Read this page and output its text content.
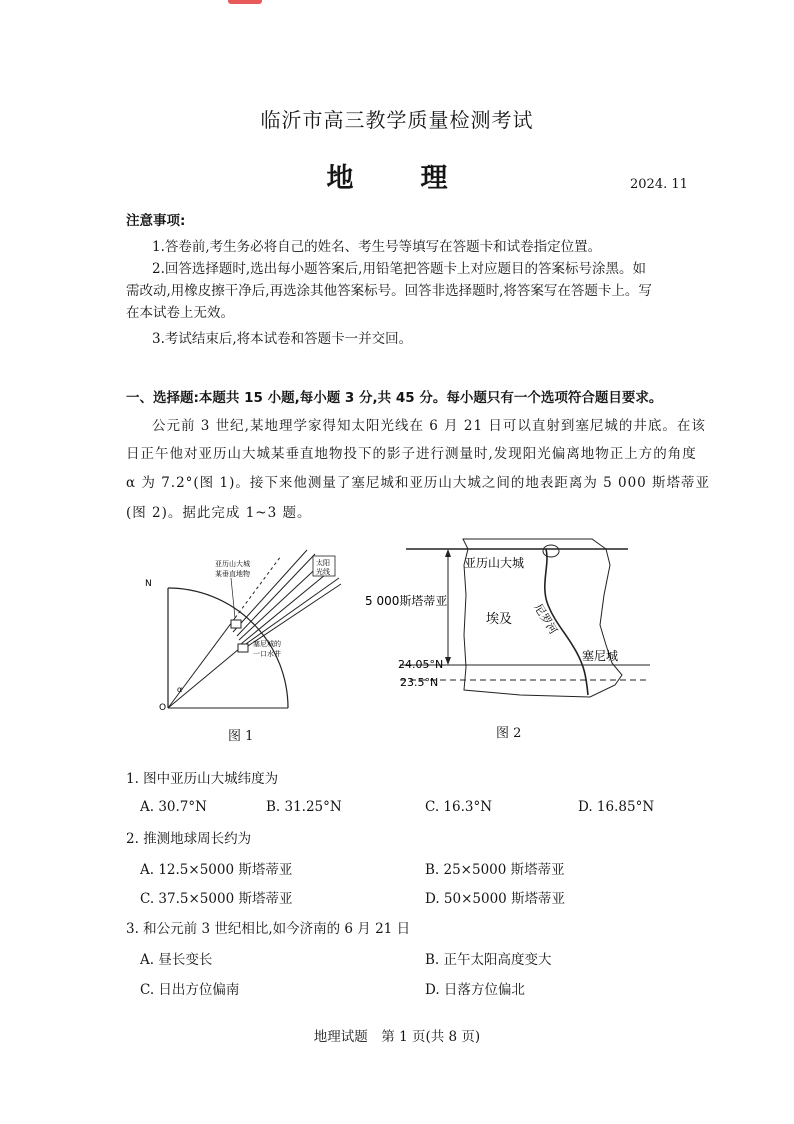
临沂市高三教学质量检测考试
地　理	2024. 11
注意事项:
1.答卷前,考生务必将自己的姓名、考生号等填写在答题卡和试卷指定位置。
2.回答选择题时,选出每小题答案后,用铅笔把答题卡上对应题目的答案标号涂黑。如
需改动,用橡皮擦干净后,再选涂其他答案标号。回答非选择题时,将答案写在答题卡上。写
在本试卷上无效。
3.考试结束后,将本试卷和答题卡一并交回。
一、选择题:本题共 15 小题,每小题 3 分,共 45 分。每小题只有一个选项符合题目要求。
公元前 3 世纪,某地理学家得知太阳光线在 6 月 21 日可以直射到塞尼城的井底。在该
日正午他对亚历山大城某垂直地物投下的影子进行测量时,发现阳光偏离地物正上方的角度
α 为 7.2°(图 1)。接下来他测量了塞尼城和亚历山大城之间的地表距离为 5 000 斯塔蒂亚
(图 2)。据此完成 1~3 题。
N
O
α
亚历山大城
某垂直地物
塞尼城的
一口水井
太阳
光线
图 1
亚历山大城
5 000斯塔蒂亚
埃及 尼罗河
塞尼城
24.05°N
23.5°N
图 2
1. 图中亚历山大城纬度为
A. 30.7°N	B. 31.25°N	C. 16.3°N	D. 16.85°N
2. 推测地球周长约为
A. 12.5×5000 斯塔蒂亚	B. 25×5000 斯塔蒂亚
C. 37.5×5000 斯塔蒂亚	D. 50×5000 斯塔蒂亚
3. 和公元前 3 世纪相比,如今济南的 6 月 21 日
A. 昼长变长	B. 正午太阳高度变大
C. 日出方位偏南	D. 日落方位偏北
地理试题　第 1 页(共 8 页)
